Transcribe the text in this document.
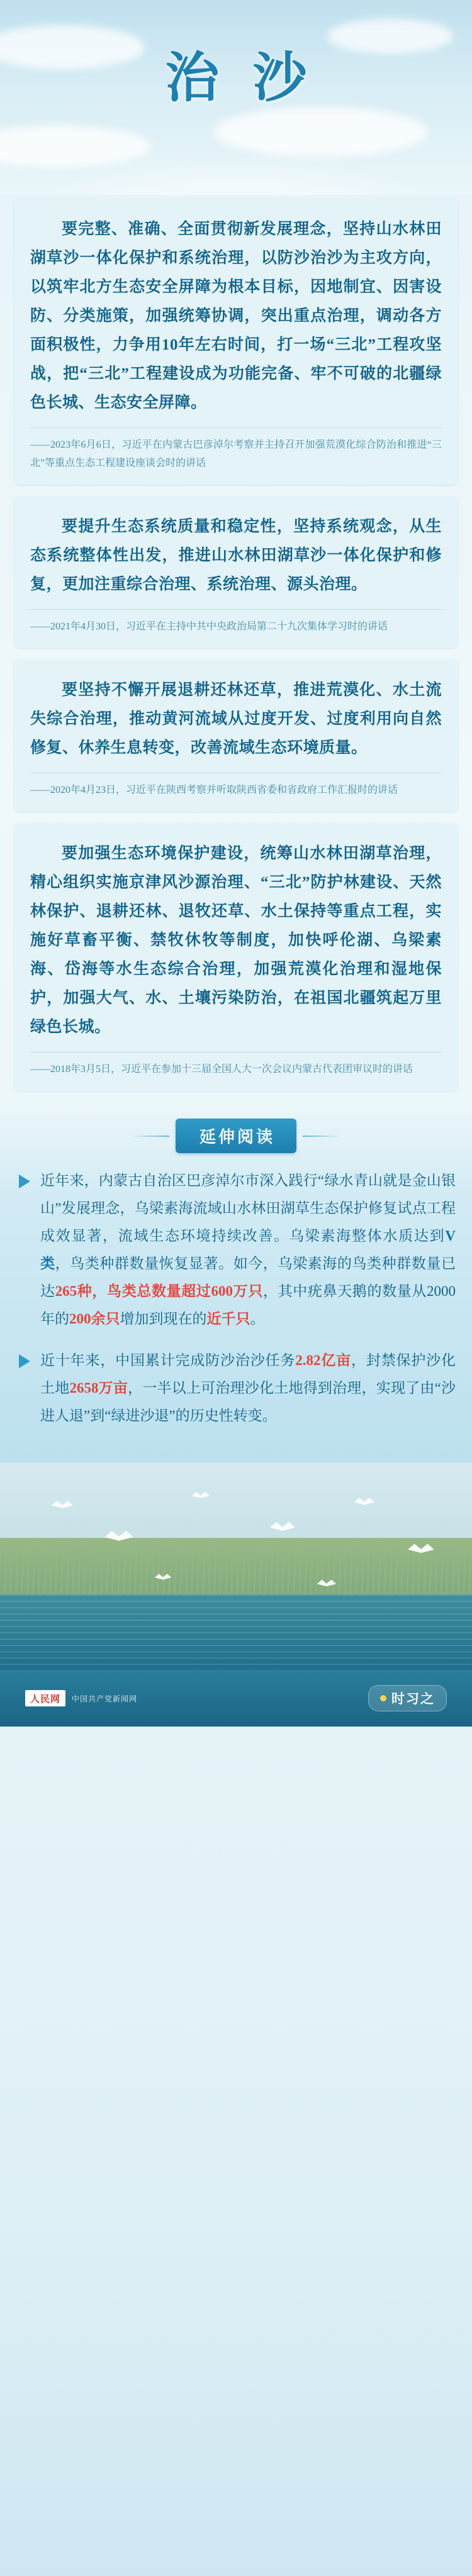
治 沙
要完整、准确、全面贯彻新发展理念，坚持山水林田湖草沙一体化保护和系统治理，以防沙治沙为主攻方向，以筑牢北方生态安全屏障为根本目标，因地制宜、因害设防、分类施策，加强统筹协调，突出重点治理，调动各方面积极性，力争用10年左右时间，打一场“三北”工程攻坚战，把“三北”工程建设成为功能完备、牢不可破的北疆绿色长城、生态安全屏障。
——2023年6月6日，习近平在内蒙古巴彦淖尔考察并主持召开加强荒漠化综合防治和推进“三北”等重点生态工程建设座谈会时的讲话
要提升生态系统质量和稳定性，坚持系统观念，从生态系统整体性出发，推进山水林田湖草沙一体化保护和修复，更加注重综合治理、系统治理、源头治理。
——2021年4月30日，习近平在主持中共中央政治局第二十九次集体学习时的讲话
要坚持不懈开展退耕还林还草，推进荒漠化、水土流失综合治理，推动黄河流域从过度开发、过度利用向自然修复、休养生息转变，改善流域生态环境质量。
——2020年4月23日，习近平在陕西考察并听取陕西省委和省政府工作汇报时的讲话
要加强生态环境保护建设，统筹山水林田湖草治理，精心组织实施京津风沙源治理、“三北”防护林建设、天然林保护、退耕还林、退牧还草、水土保持等重点工程，实施好草畜平衡、禁牧休牧等制度，加快呼伦湖、乌梁素海、岱海等水生态综合治理，加强荒漠化治理和湿地保护，加强大气、水、土壤污染防治，在祖国北疆筑起万里绿色长城。
——2018年3月5日，习近平在参加十三届全国人大一次会议内蒙古代表团审议时的讲话
延伸阅读
近年来，内蒙古自治区巴彦淖尔市深入践行“绿水青山就是金山银山”发展理念，乌梁素海流域山水林田湖草生态保护修复试点工程成效显著，流域生态环境持续改善。乌梁素海整体水质达到V类，鸟类种群数量恢复显著。如今，乌梁素海的鸟类种群数量已达265种，鸟类总数量超过600万只，其中疣鼻天鹅的数量从2000年的200余只增加到现在的近千只。
近十年来，中国累计完成防沙治沙任务2.82亿亩，封禁保护沙化土地2658万亩，一半以上可治理沙化土地得到治理，实现了由“沙进人退”到“绿进沙退”的历史性转变。
人民网	中国共产党新闻网	时习之
